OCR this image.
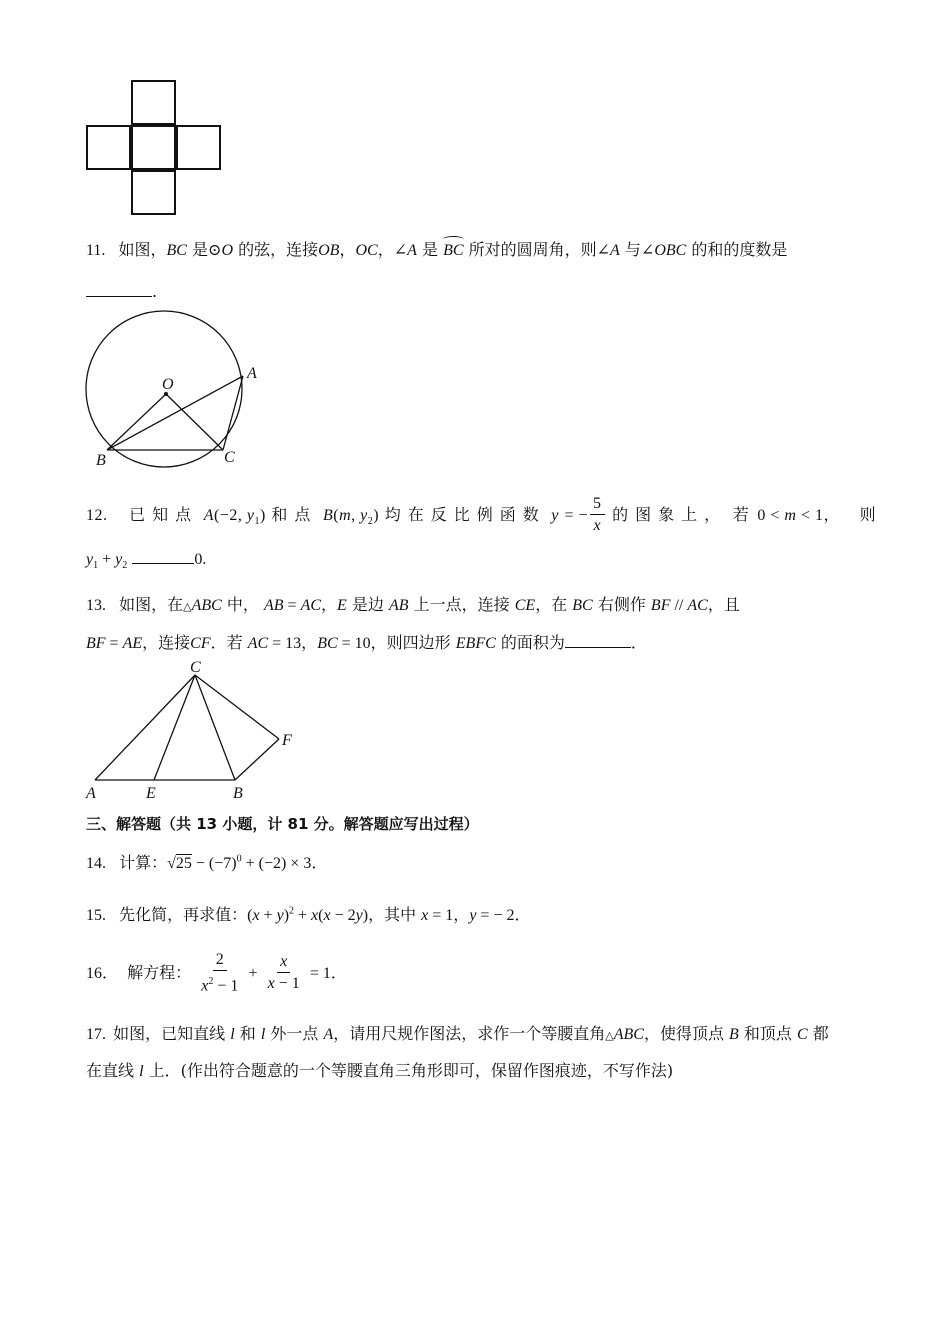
11. 如图，BC 是⊙O 的弦，连接OB，OC，∠A 是 BC
所对的圆周角，则∠A 与∠OBC 的和的度数是
.
O
A
B	C
12. 已知点 A(−2, $y_1$) 和点 B(m, $y_2$) 均在反比例函数 y = − $\frac{5}{x}$ 的图象上， 若 0 < m < 1， 则
$y_1 + y_2$	0.
13. 如图，在△ABC 中， AB = AC，E 是边 AB 上一点，连接 CE，在 BC 右侧作 BF // AC，且
BF = AE，连接CF．若 AC = 13，BC = 10，则四边形 EBFC 的面积为	．
C
F
A	E	B
三、解答题（共 13 小题，计 81 分。解答题应写出过程）
14. 计算：$√25 - (-7)^0 + (-2) \times 3$．
15. 先化简，再求值：$(x + y)^2 + x(x - 2y)$，其中 x = 1，y = − 2．
16． 解方程： $\frac{2}{x^2 - 1} + \frac{x}{x - 1} = 1$．
17. 如图，已知直线 l 和 l 外一点 A，请用尺规作图法，求作一个等腰直角△ABC，使得顶点 B 和顶点 C 都
在直线 l 上．(作出符合题意的一个等腰直角三角形即可，保留作图痕迹，不写作法)
